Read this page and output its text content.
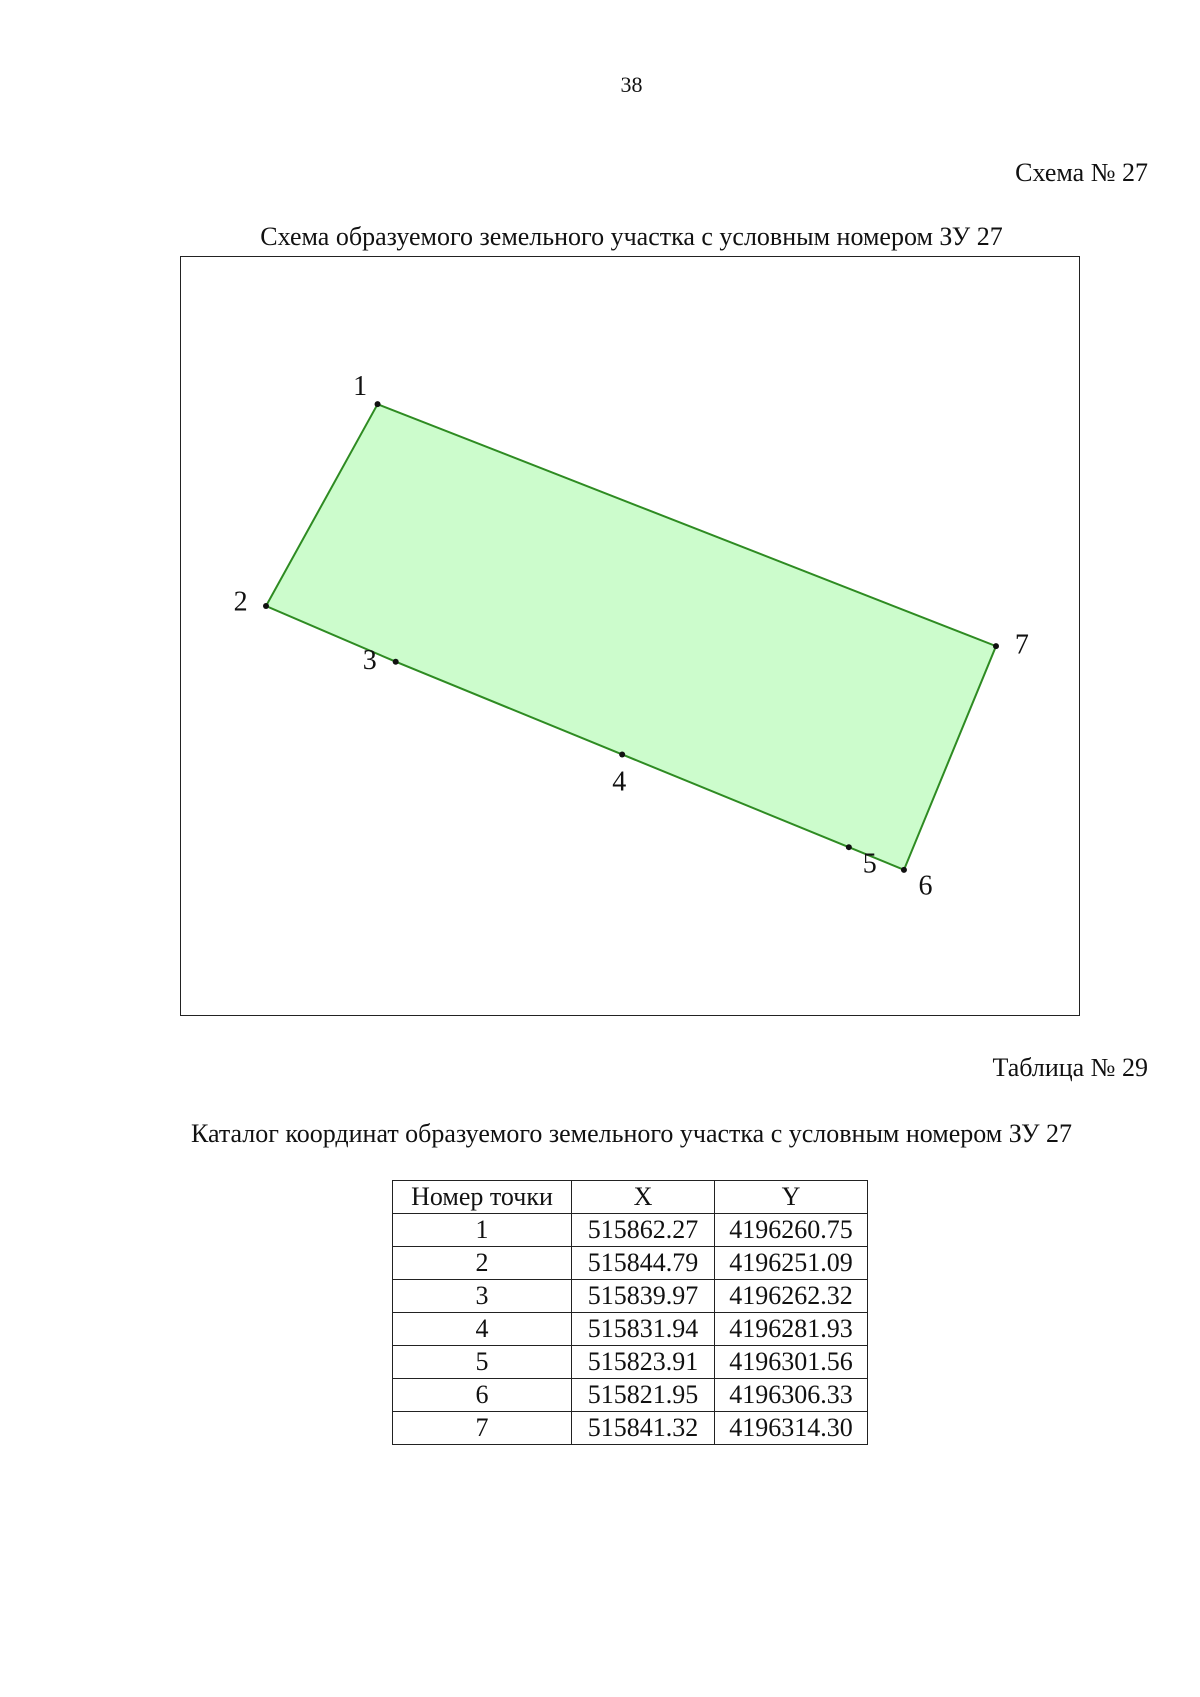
38
Схема № 27
Схема образуемого земельного участка с условным номером ЗУ 27
1
2
3
4
5
6
7
Таблица № 29
Каталог координат образуемого земельного участка с условным номером ЗУ 27
Номер точки	X	Y
1	515862.27	4196260.75
2	515844.79	4196251.09
3	515839.97	4196262.32
4	515831.94	4196281.93
5	515823.91	4196301.56
6	515821.95	4196306.33
7	515841.32	4196314.30
